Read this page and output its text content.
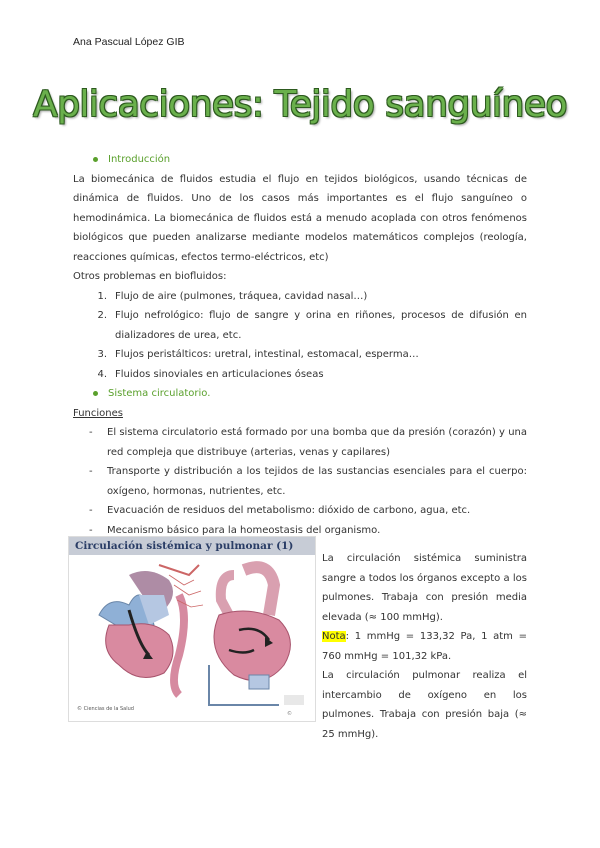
Ana Pascual López GIB
Aplicaciones: Tejido sanguíneo
Introducción

La biomecánica de fluidos estudia el flujo en tejidos biológicos, usando técnicas de dinámica de fluidos. Uno de los casos más importantes es el flujo sanguíneo o hemodinámica. La biomecánica de fluidos está a menudo acoplada con otros fenómenos biológicos que pueden analizarse mediante modelos matemáticos complejos (reología, reacciones químicas, efectos termo-eléctricos, etc)

Otros problemas en biofluidos:
1. Flujo de aire (pulmones, tráquea, cavidad nasal…)
2. Flujo nefrológico: flujo de sangre y orina en riñones, procesos de difusión en dializadores de urea, etc.
3. Flujos peristálticos: uretral, intestinal, estomacal, esperma…
4. Fluidos sinoviales en articulaciones óseas
Sistema circulatorio.
Funciones
-	El sistema circulatorio está formado por una bomba que da presión (corazón) y una red compleja que distribuye (arterias, venas y capilares)
-	Transporte y distribución a los tejidos de las sustancias esenciales para el cuerpo: oxígeno, hormonas, nutrientes, etc.
-	Evacuación de residuos del metabolismo: dióxido de carbono, agua, etc.
-	Mecanismo básico para la homeostasis del organismo.
Circulación sistémica y pulmonar (1)
© Ciencias de la Salud
©

La circulación sistémica suministra sangre a todos los órganos excepto a los pulmones. Trabaja con presión media elevada (≈ 100 mmHg).

Nota: 1 mmHg = 133,32 Pa, 1 atm = 760 mmHg = 101,32 kPa.

La circulación pulmonar realiza el intercambio de oxígeno en los pulmones. Trabaja con presión baja (≈ 25 mmHg).
